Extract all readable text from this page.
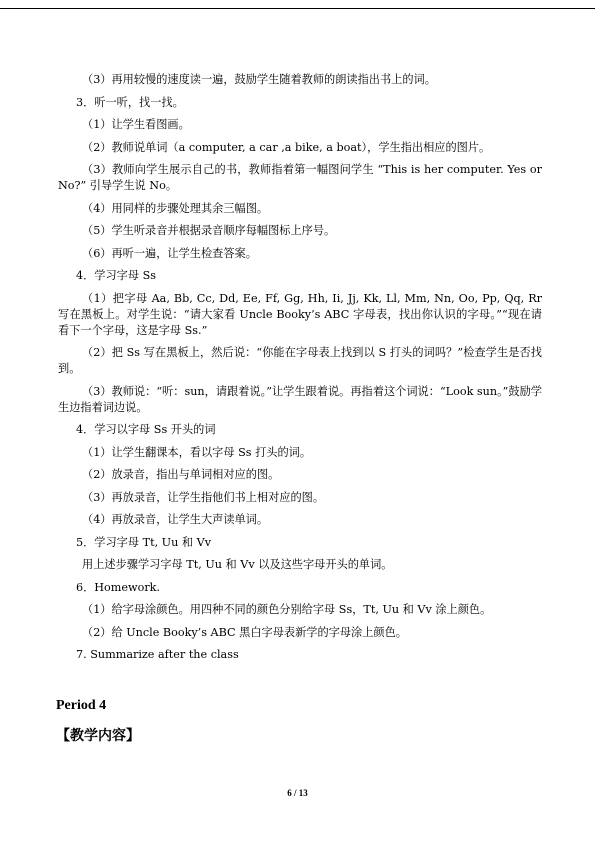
（3）再用较慢的速度读一遍，鼓励学生随着教师的朗读指出书上的词。

3．听一听，找一找。

（1）让学生看图画。

（2）教师说单词（a computer, a car ,a bike, a boat），学生指出相应的图片。

（3）教师向学生展示自己的书，教师指着第一幅图问学生 “This is her computer. Yes or No?” 引导学生说 No。

（4）用同样的步骤处理其余三幅图。

（5）学生听录音并根据录音顺序每幅图标上序号。

（6）再听一遍，让学生检查答案。

4．学习字母 Ss

（1）把字母 Aa, Bb, Cc, Dd, Ee, Ff, Gg, Hh, Ii, Jj, Kk, Ll, Mm, Nn, Oo, Pp, Qq, Rr 写在黑板上。对学生说：“请大家看 Uncle Booky’s ABC 字母表，找出你认识的字母。”“现在请看下一个字母，这是字母 Ss.”

（2）把 Ss 写在黑板上，然后说：“你能在字母表上找到以 S 打头的词吗？”检查学生是否找到。

（3）教师说：“听：sun，请跟着说。”让学生跟着说。再指着这个词说：“Look sun。”鼓励学生边指着词边说。

4．学习以字母 Ss 开头的词

（1）让学生翻课本，看以字母 Ss 打头的词。

（2）放录音，指出与单词相对应的图。

（3）再放录音，让学生指他们书上相对应的图。

（4）再放录音，让学生大声读单词。

5．学习字母 Tt, Uu 和 Vv

用上述步骤学习字母 Tt, Uu 和 Vv 以及这些字母开头的单词。

6．Homework.

（1）给字母涂颜色。用四种不同的颜色分别给字母 Ss，Tt, Uu 和 Vv 涂上颜色。

（2）给 Uncle Booky’s ABC 黑白字母表新学的字母涂上颜色。

7. Summarize after the class

Period 4
【教学内容】
6 / 13
